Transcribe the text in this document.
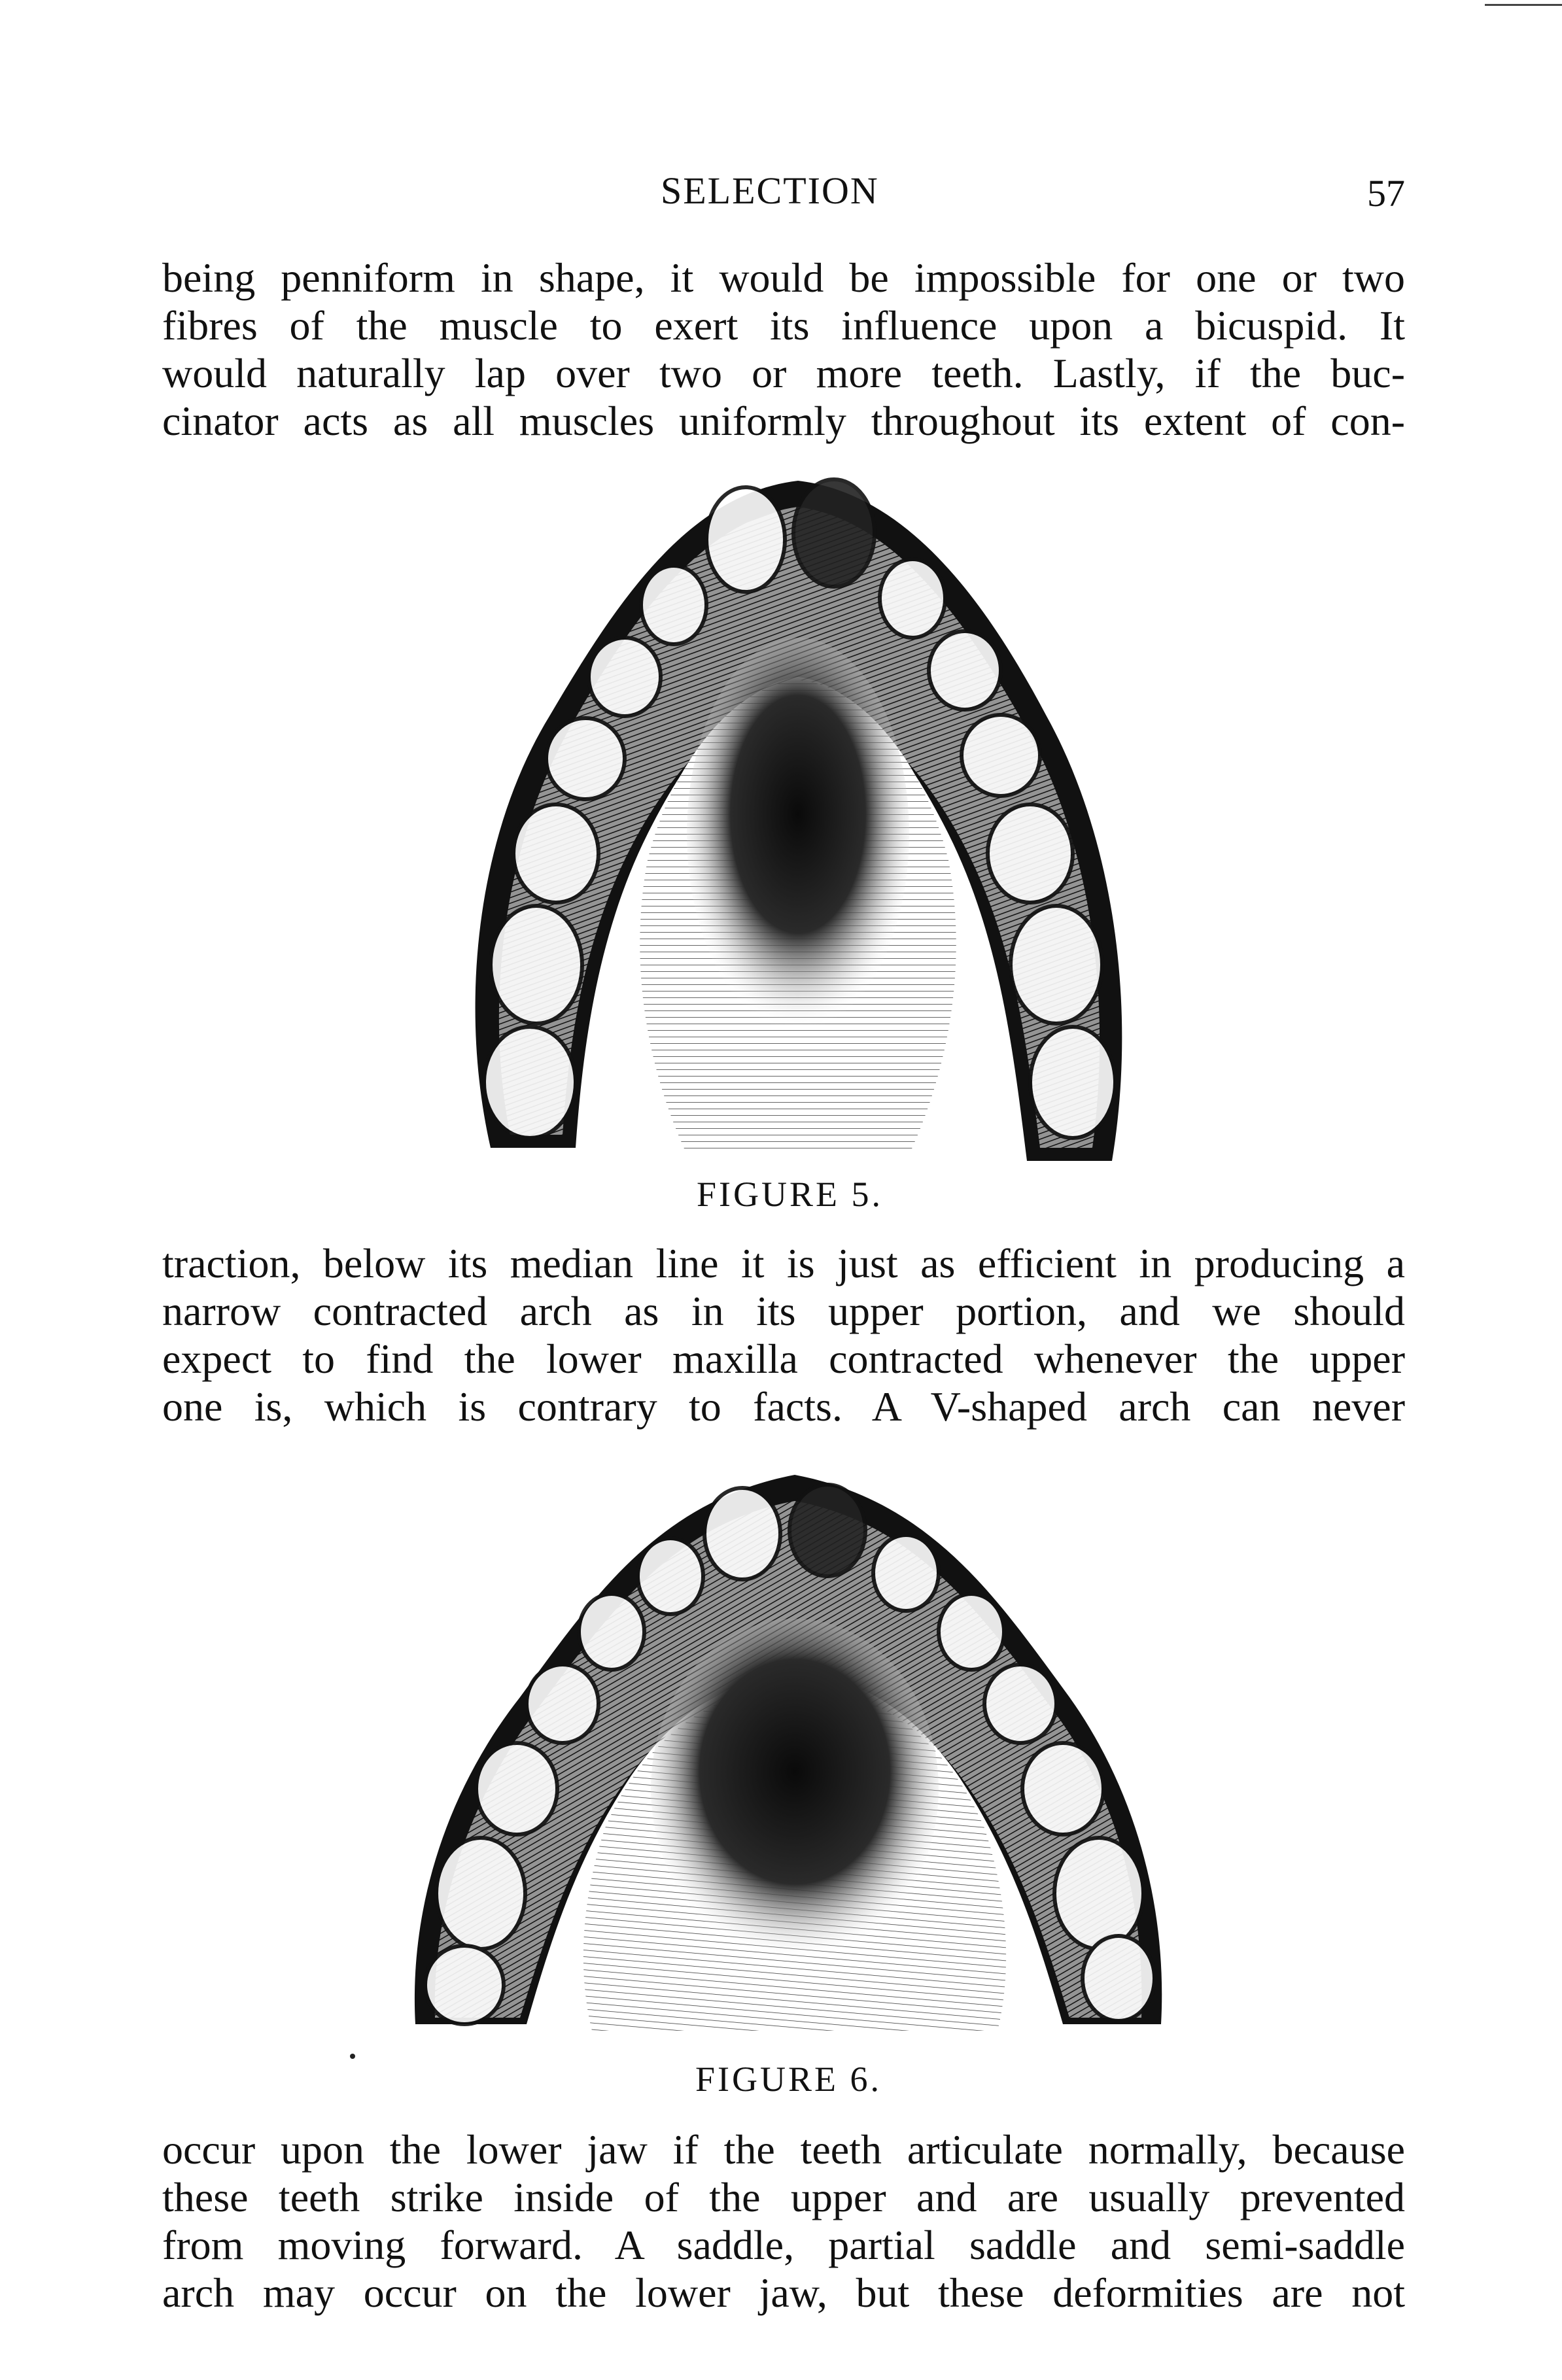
SELECTION	57
being penniform in shape, it would be impossible for one or two
fibres of the muscle to exert its influence upon a bicuspid. It
would naturally lap over two or more teeth. Lastly, if the buc-
cinator acts as all muscles uniformly throughout its extent of con-
FIGURE 5.
traction, below its median line it is just as efficient in producing a
narrow contracted arch as in its upper portion, and we should
expect to find the lower maxilla contracted whenever the upper
one is, which is contrary to facts. A V-shaped arch can never
FIGURE 6.
occur upon the lower jaw if the teeth articulate normally, because
these teeth strike inside of the upper and are usually prevented
from moving forward. A saddle, partial saddle and semi-saddle
arch may occur on the lower jaw, but these deformities are not
